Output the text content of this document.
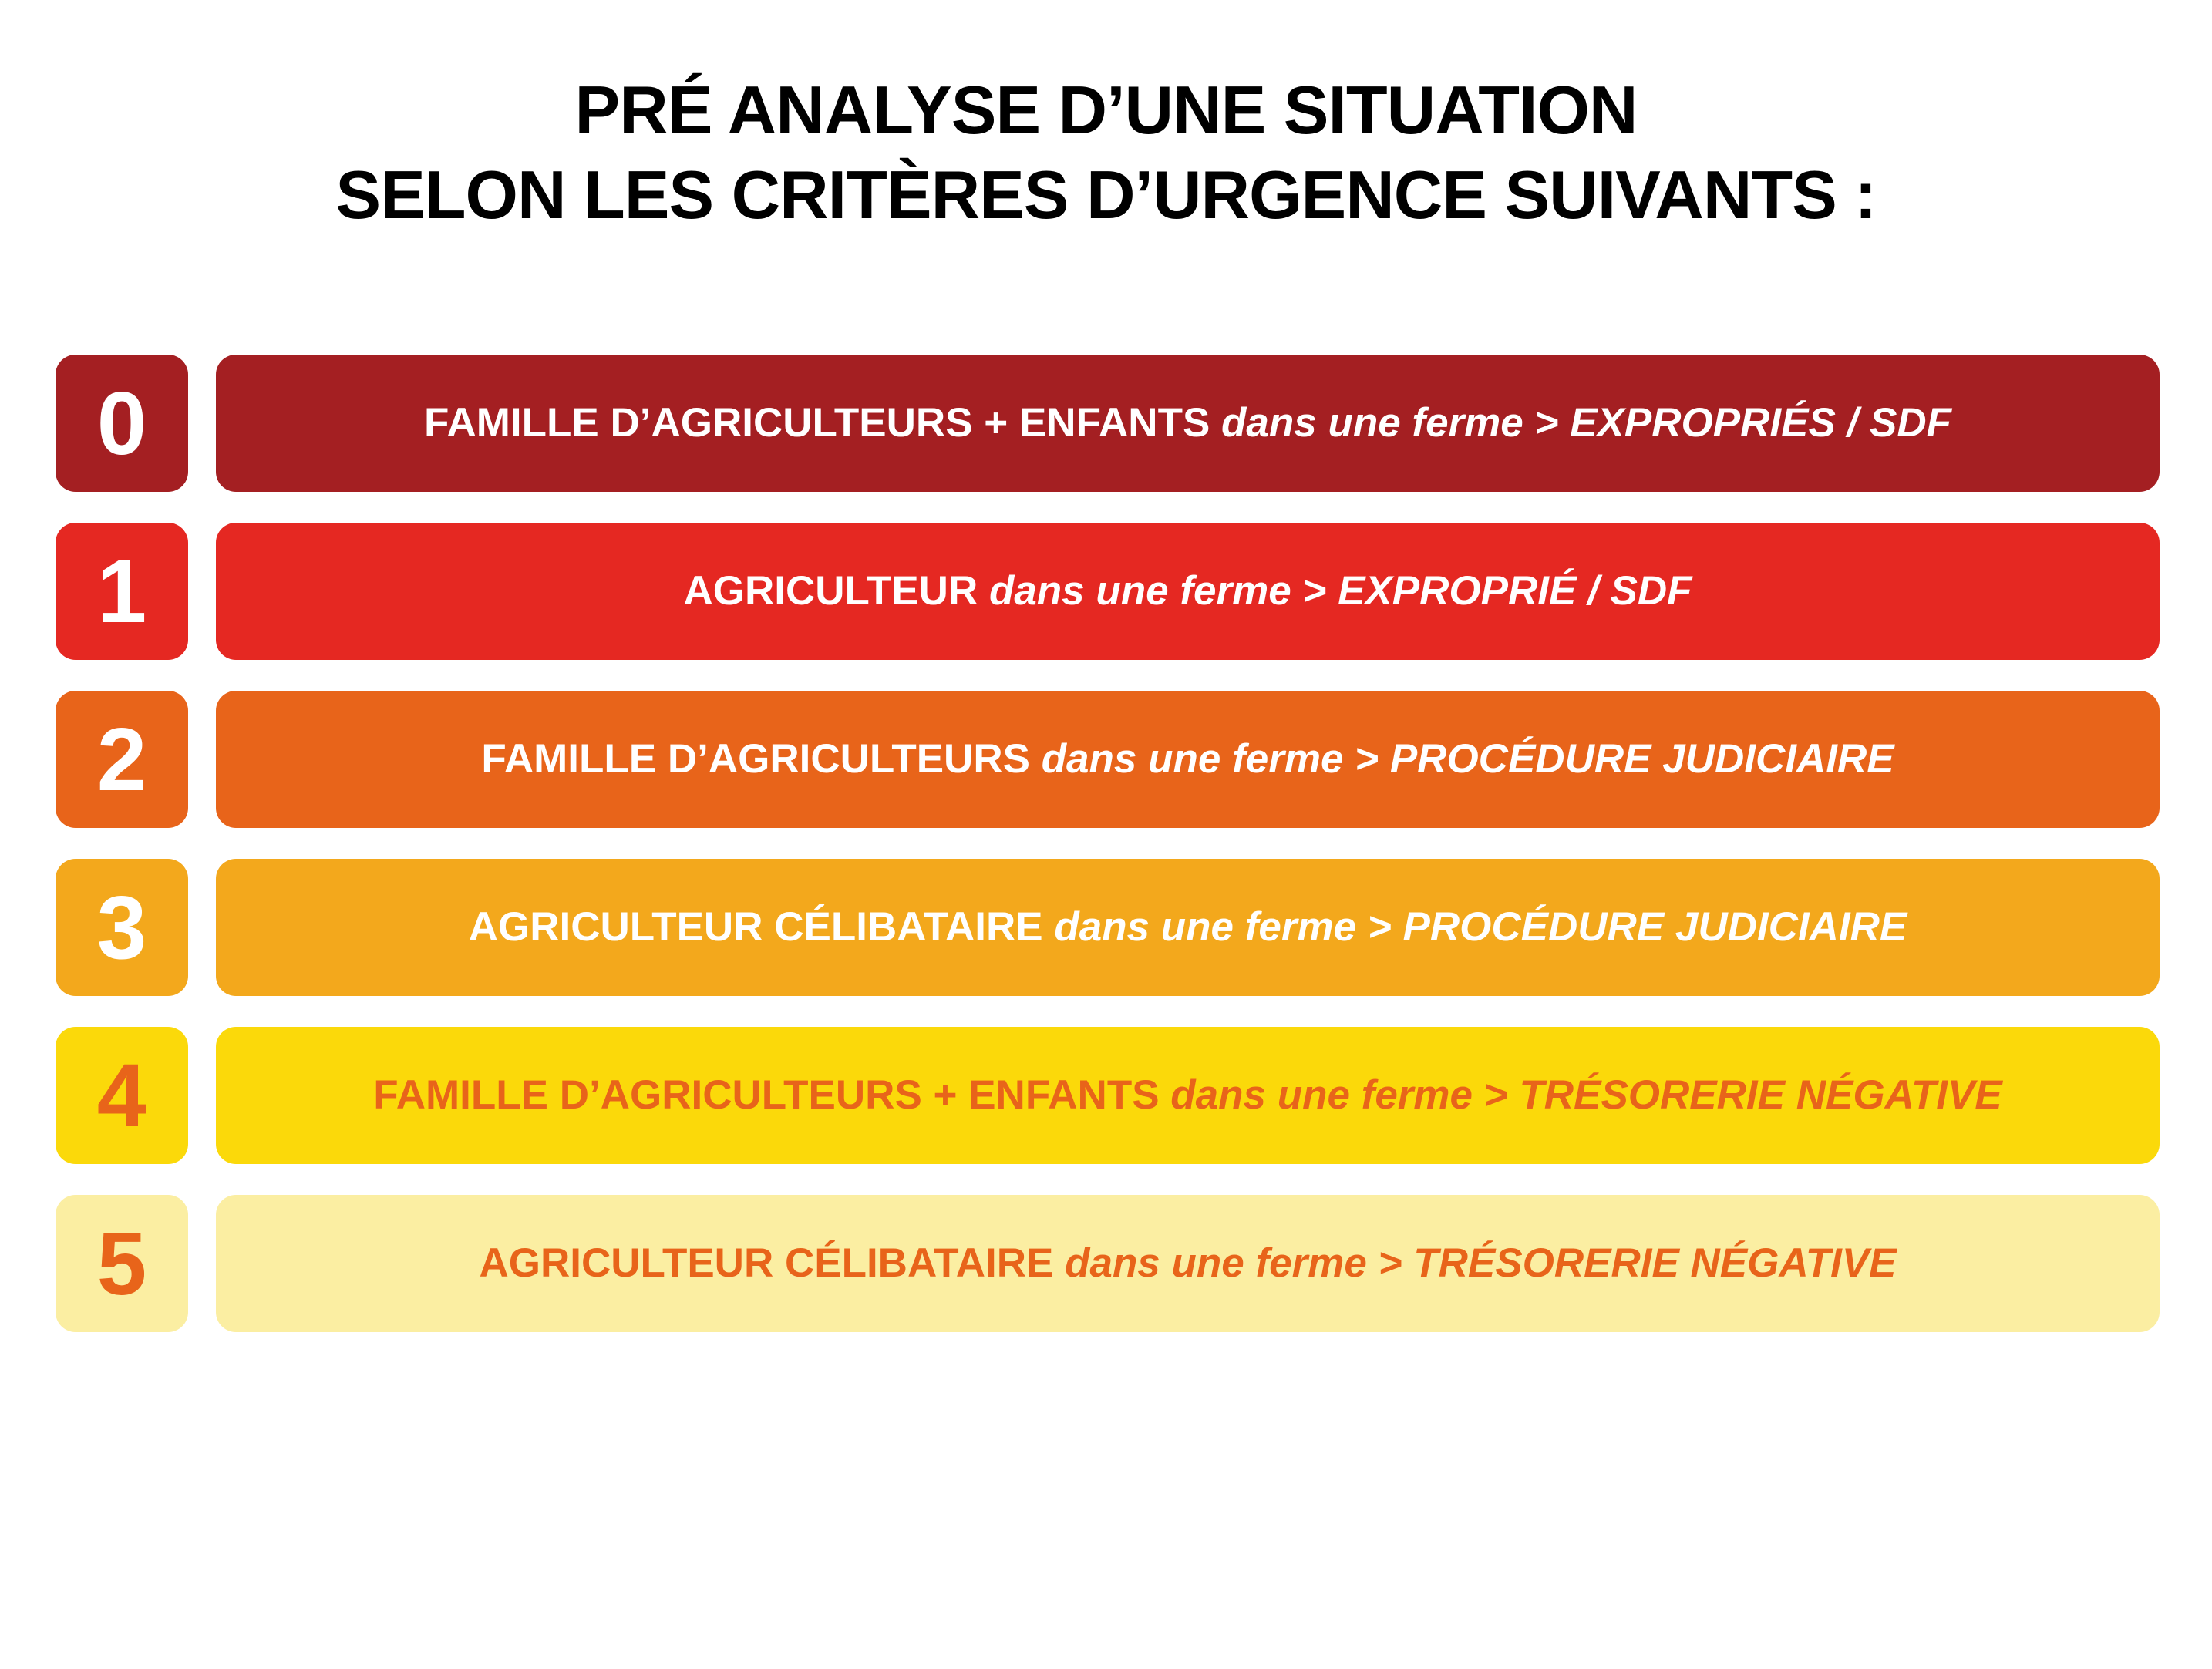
PRÉ ANALYSE D’UNE SITUATION
SELON LES CRITÈRES D’URGENCE SUIVANTS :
0	FAMILLE D’AGRICULTEURS + ENFANTS dans une ferme > EXPROPRIÉS / SDF
1	AGRICULTEUR dans une ferme > EXPROPRIÉ / SDF
2	FAMILLE D’AGRICULTEURS dans une ferme > PROCÉDURE JUDICIAIRE
3	AGRICULTEUR CÉLIBATAIRE dans une ferme > PROCÉDURE JUDICIAIRE
4	FAMILLE D’AGRICULTEURS + ENFANTS dans une ferme > TRÉSORERIE NÉGATIVE
5	AGRICULTEUR CÉLIBATAIRE dans une ferme > TRÉSORERIE NÉGATIVE
